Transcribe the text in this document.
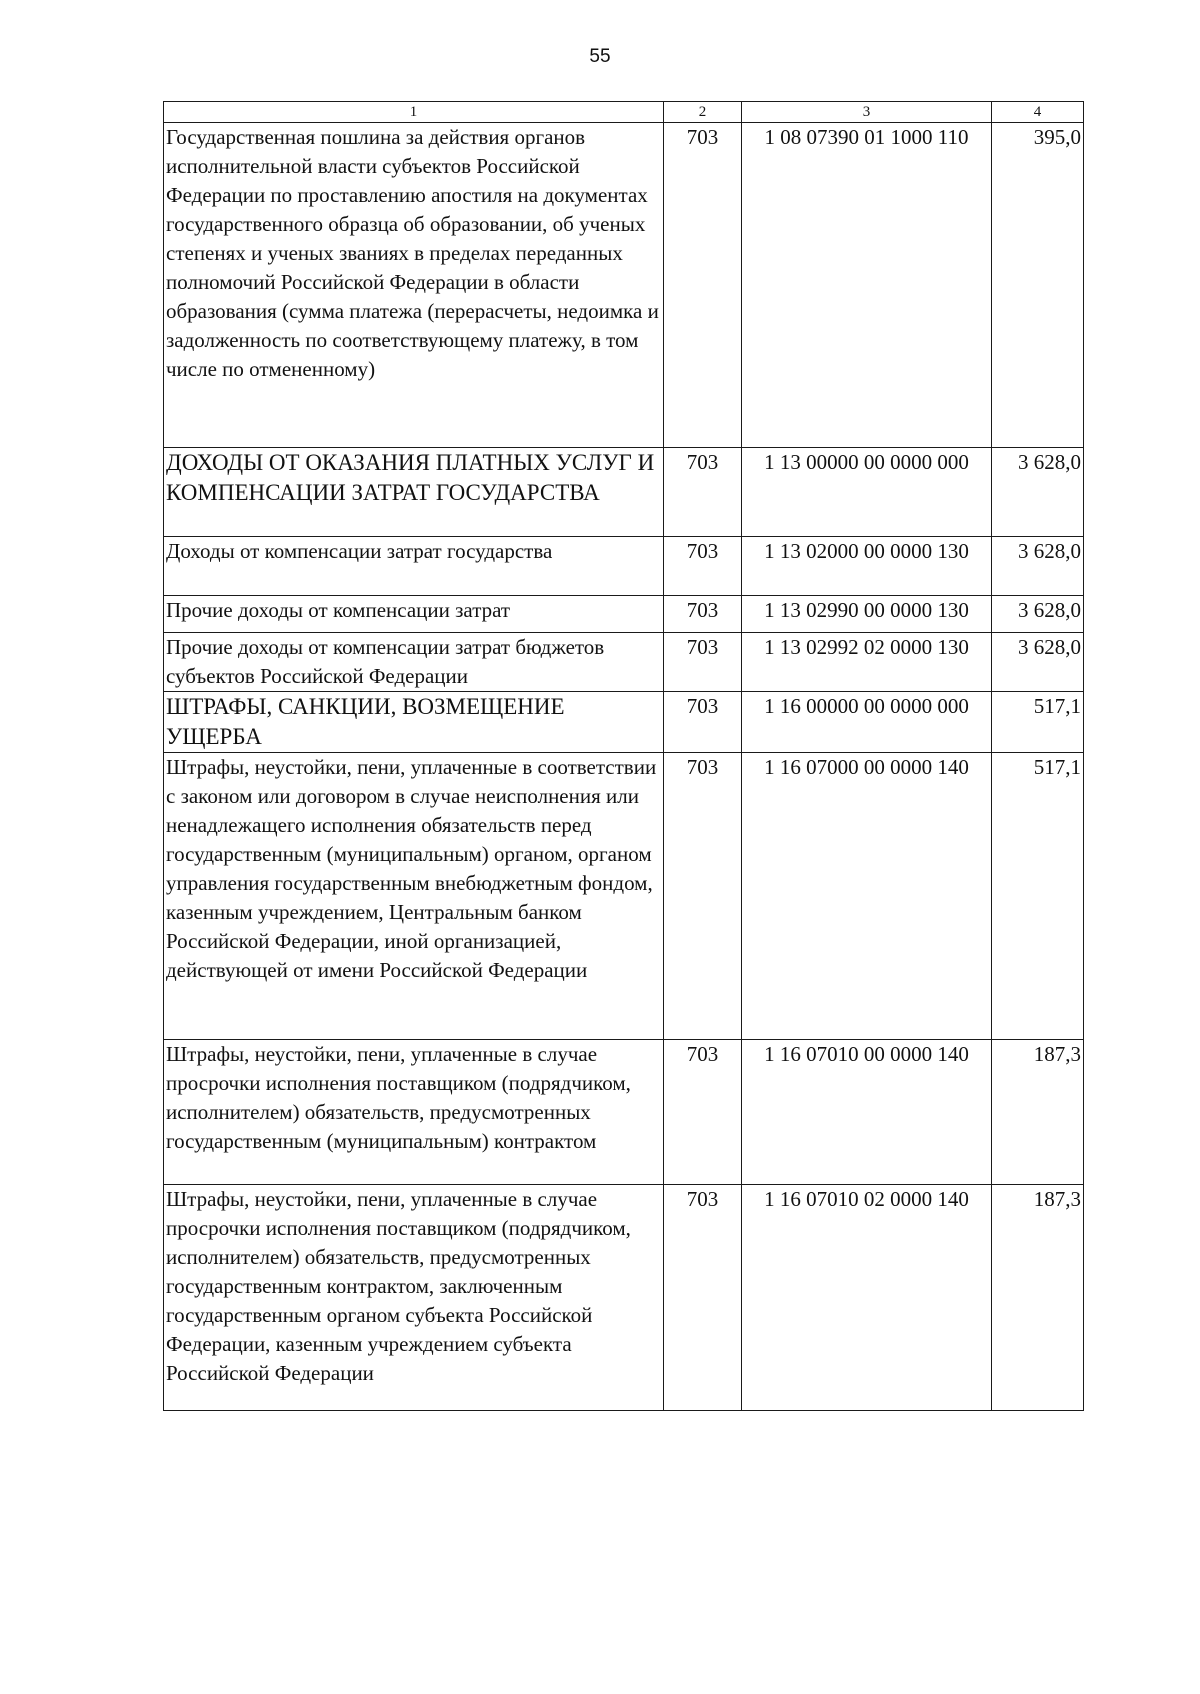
55
1	2	3	4
Государственная пошлина за действия органов исполнительной власти субъектов Российской Федерации по проставлению апостиля на документах государственного образца об образовании, об ученых степенях и ученых званиях в пределах переданных полномочий Российской Федерации в области образования (сумма платежа (перерасчеты, недоимка и задолженность по соответствующему платежу, в том числе по отмененному)	703	1 08 07390 01 1000 110	395,0
ДОХОДЫ ОТ ОКАЗАНИЯ ПЛАТНЫХ УСЛУГ И КОМПЕНСАЦИИ ЗАТРАТ ГОСУДАРСТВА	703	1 13 00000 00 0000 000	3 628,0
Доходы от компенсации затрат государства	703	1 13 02000 00 0000 130	3 628,0
Прочие доходы от компенсации затрат	703	1 13 02990 00 0000 130	3 628,0
Прочие доходы от компенсации затрат бюджетов субъектов Российской Федерации	703	1 13 02992 02 0000 130	3 628,0
ШТРАФЫ, САНКЦИИ, ВОЗМЕЩЕНИЕ УЩЕРБА	703	1 16 00000 00 0000 000	517,1
Штрафы, неустойки, пени, уплаченные в соответствии с законом или договором в случае неисполнения или ненадлежащего исполнения обязательств перед государственным (муниципальным) органом, органом управления государственным внебюджетным фондом, казенным учреждением, Центральным банком Российской Федерации, иной организацией, действующей от имени Российской Федерации	703	1 16 07000 00 0000 140	517,1
Штрафы, неустойки, пени, уплаченные в случае просрочки исполнения поставщиком (подрядчиком, исполнителем) обязательств, предусмотренных государственным (муниципальным) контрактом	703	1 16 07010 00 0000 140	187,3
Штрафы, неустойки, пени, уплаченные в случае просрочки исполнения поставщиком (подрядчиком, исполнителем) обязательств, предусмотренных государственным контрактом, заключенным государственным органом субъекта Российской Федерации, казенным учреждением субъекта Российской Федерации	703	1 16 07010 02 0000 140	187,3
